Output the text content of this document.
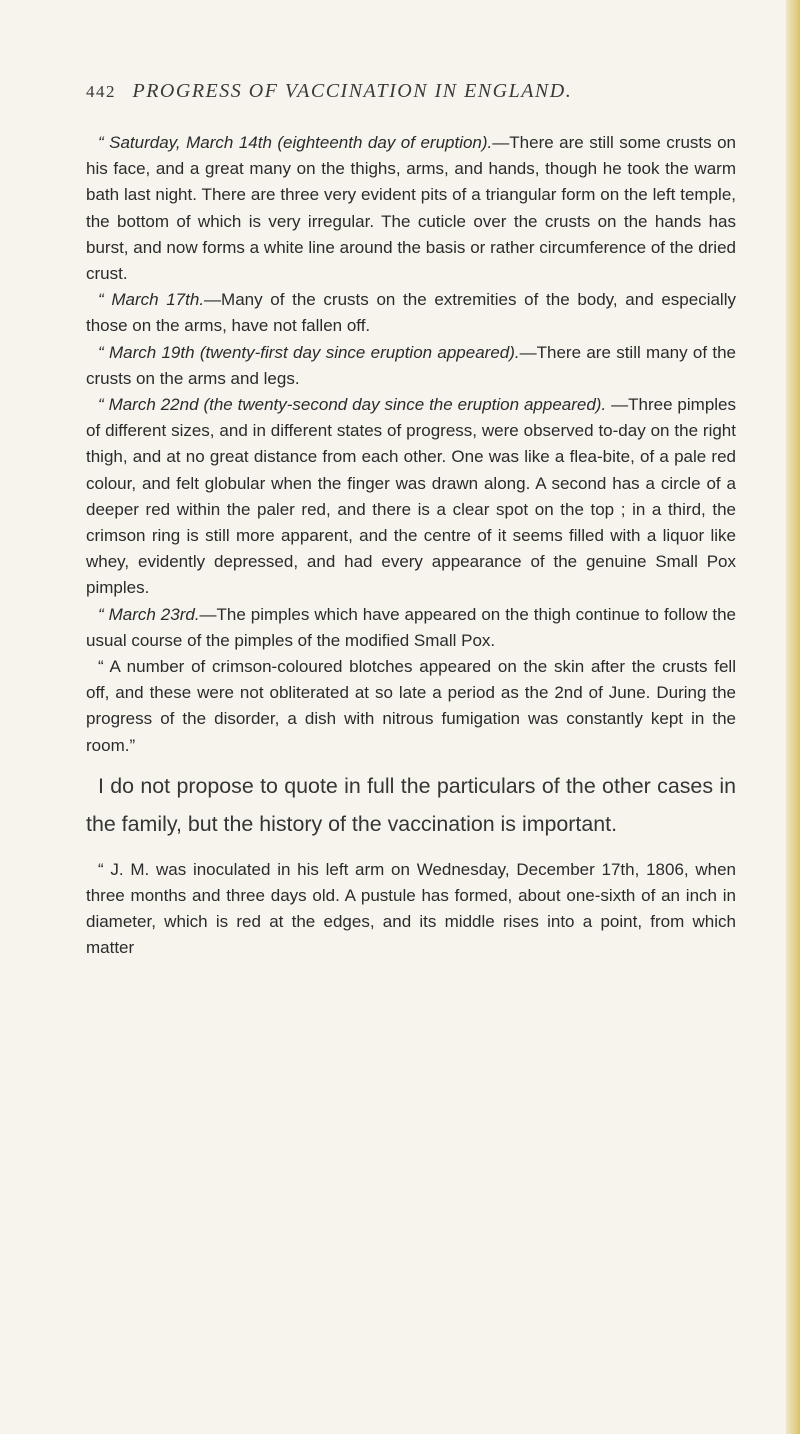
442 PROGRESS OF VACCINATION IN ENGLAND.

“ Saturday, March 14th (eighteenth day of eruption).—There are still some crusts on his face, and a great many on the thighs, arms, and hands, though he took the warm bath last night. There are three very evident pits of a triangular form on the left temple, the bottom of which is very irregular. The cuticle over the crusts on the hands has burst, and now forms a white line around the basis or rather circumference of the dried crust.

“ March 17th.—Many of the crusts on the extremities of the body, and especially those on the arms, have not fallen off.

“ March 19th (twenty-first day since eruption appeared).—There are still many of the crusts on the arms and legs.

“ March 22nd (the twenty-second day since the eruption appeared). —Three pimples of different sizes, and in different states of progress, were observed to-day on the right thigh, and at no great distance from each other. One was like a flea-bite, of a pale red colour, and felt globular when the finger was drawn along. A second has a circle of a deeper red within the paler red, and there is a clear spot on the top ; in a third, the crimson ring is still more apparent, and the centre of it seems filled with a liquor like whey, evidently depressed, and had every appearance of the genuine Small Pox pimples.

“ March 23rd.—The pimples which have appeared on the thigh continue to follow the usual course of the pimples of the modified Small Pox.

“ A number of crimson-coloured blotches appeared on the skin after the crusts fell off, and these were not obliterated at so late a period as the 2nd of June. During the progress of the disorder, a dish with nitrous fumigation was constantly kept in the room.”

I do not propose to quote in full the particulars of the other cases in the family, but the history of the vaccination is important.

“ J. M. was inoculated in his left arm on Wednesday, December 17th, 1806, when three months and three days old. A pustule has formed, about one-sixth of an inch in diameter, which is red at the edges, and its middle rises into a point, from which matter
